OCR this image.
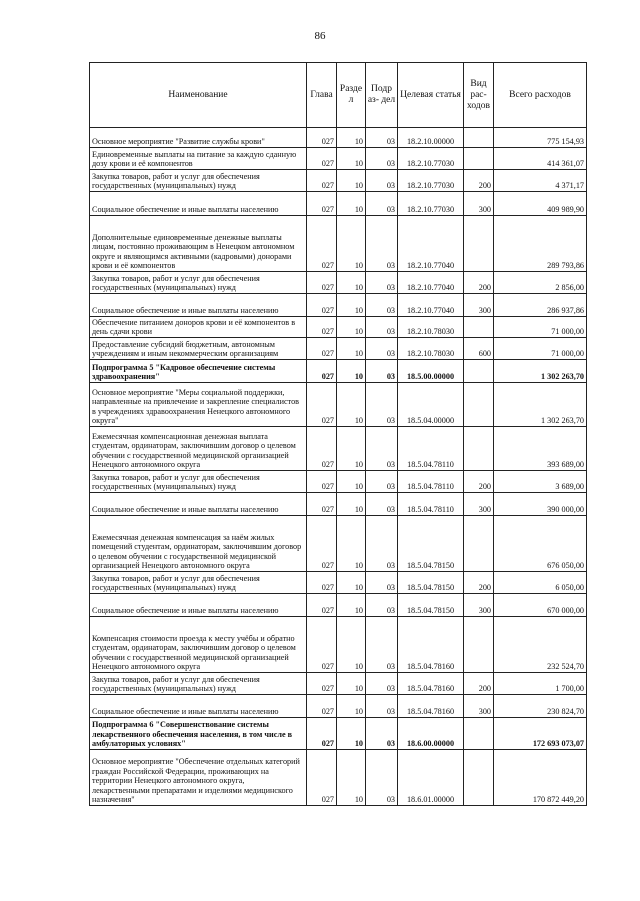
86
Наименование	Глава	Разде л	Подр аз- дел	Целевая статья	Вид рас- ходов	Всего расходов
Основное мероприятие "Развитие службы крови"	027	10	03	18.2.10.00000		775 154,93
Единовременные выплаты на питание за каждую сданную дозу крови и её компонентов	027	10	03	18.2.10.77030		414 361,07
Закупка товаров, работ и услуг для обеспечения государственных (муниципальных) нужд	027	10	03	18.2.10.77030	200	4 371,17
Социальное обеспечение и иные выплаты населению	027	10	03	18.2.10.77030	300	409 989,90
Дополнительные единовременные денежные выплаты лицам, постоянно проживающим в Ненецком автономном округе и являющимся активными (кадровыми) донорами крови и её компонентов	027	10	03	18.2.10.77040		289 793,86
Закупка товаров, работ и услуг для обеспечения государственных (муниципальных) нужд	027	10	03	18.2.10.77040	200	2 856,00
Социальное обеспечение и иные выплаты населению	027	10	03	18.2.10.77040	300	286 937,86
Обеспечение питанием доноров крови и её компонентов в день сдачи крови	027	10	03	18.2.10.78030		71 000,00
Предоставление субсидий бюджетным, автономным учреждениям и иным некоммерческим организациям	027	10	03	18.2.10.78030	600	71 000,00
Подпрограмма 5 "Кадровое обеспечение системы здравоохранения"	027	10	03	18.5.00.00000		1 302 263,70
Основное мероприятие "Меры социальной поддержки, направленные на привлечение и закрепление специалистов в учреждениях здравоохранения Ненецкого автономного округа"	027	10	03	18.5.04.00000		1 302 263,70
Ежемесячная компенсационная денежная выплата студентам, ординаторам, заключившим договор о целевом обучении с государственной медицинской организацией Ненецкого автономного округа	027	10	03	18.5.04.78110		393 689,00
Закупка товаров, работ и услуг для обеспечения государственных (муниципальных) нужд	027	10	03	18.5.04.78110	200	3 689,00
Социальное обеспечение и иные выплаты населению	027	10	03	18.5.04.78110	300	390 000,00
Ежемесячная денежная компенсация за наём жилых помещений студентам, ординаторам, заключившим договор о целевом обучении с государственной медицинской организацией Ненецкого автономного округа	027	10	03	18.5.04.78150		676 050,00
Закупка товаров, работ и услуг для обеспечения государственных (муниципальных) нужд	027	10	03	18.5.04.78150	200	6 050,00
Социальное обеспечение и иные выплаты населению	027	10	03	18.5.04.78150	300	670 000,00
Компенсация стоимости проезда к месту учёбы и обратно студентам, ординаторам, заключившим договор о целевом обучении с государственной медицинской организацией Ненецкого автономного округа	027	10	03	18.5.04.78160		232 524,70
Закупка товаров, работ и услуг для обеспечения государственных (муниципальных) нужд	027	10	03	18.5.04.78160	200	1 700,00
Социальное обеспечение и иные выплаты населению	027	10	03	18.5.04.78160	300	230 824,70
Подпрограмма 6 "Совершенствование системы лекарственного обеспечения населения, в том числе в амбулаторных условиях"	027	10	03	18.6.00.00000		172 693 073,07
Основное мероприятие "Обеспечение отдельных категорий граждан Российской Федерации, проживающих на территории Ненецкого автономного округа, лекарственными препаратами и изделиями медицинского назначения"	027	10	03	18.6.01.00000		170 872 449,20
